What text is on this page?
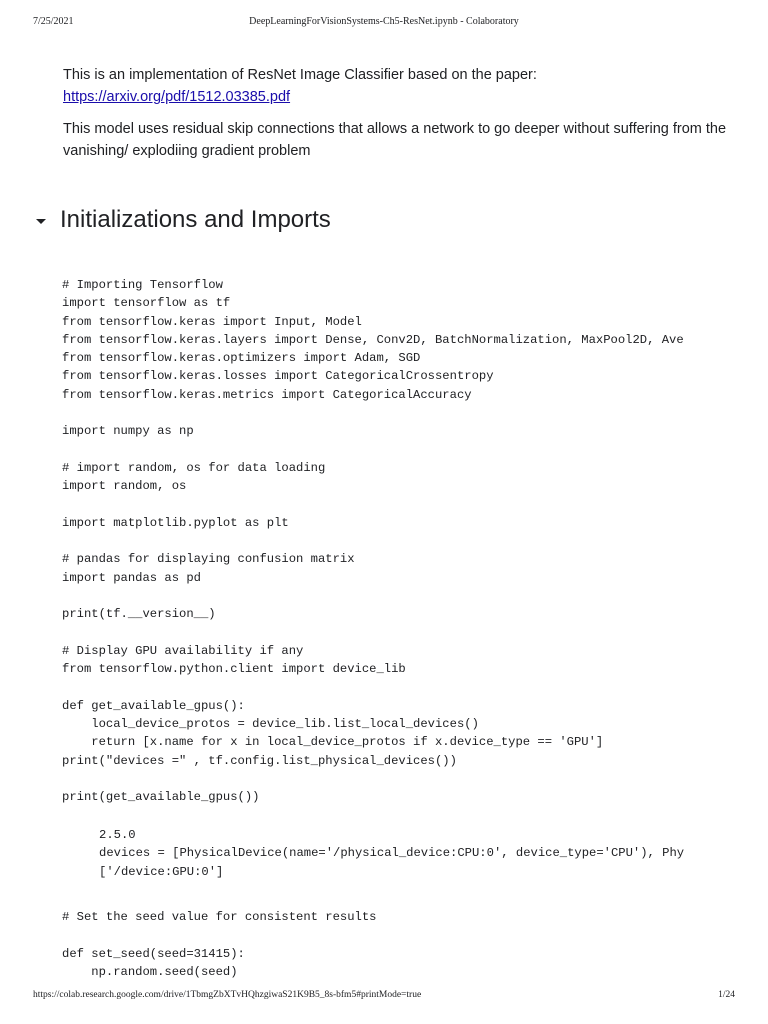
7/25/2021	DeepLearningForVisionSystems-Ch5-ResNet.ipynb - Colaboratory

This is an implementation of ResNet Image Classifier based on the paper:
https://arxiv.org/pdf/1512.03385.pdf

This model uses residual skip connections that allows a network to go deeper without suffering from the vanishing/ explodiing gradient problem

Initializations and Imports
# Importing Tensorflow
import tensorflow as tf
from tensorflow.keras import Input, Model
from tensorflow.keras.layers import Dense, Conv2D, BatchNormalization, MaxPool2D, Ave
from tensorflow.keras.optimizers import Adam, SGD
from tensorflow.keras.losses import CategoricalCrossentropy
from tensorflow.keras.metrics import CategoricalAccuracy

import numpy as np

# import random, os for data loading
import random, os

import matplotlib.pyplot as plt

# pandas for displaying confusion matrix
import pandas as pd

print(tf.__version__)

# Display GPU availability if any
from tensorflow.python.client import device_lib

def get_available_gpus():
local_device_protos = device_lib.list_local_devices()
return [x.name for x in local_device_protos if x.device_type == 'GPU']
print("devices =" , tf.config.list_physical_devices())

print(get_available_gpus())
2.5.0
devices = [PhysicalDevice(name='/physical_device:CPU:0', device_type='CPU'), Phy
['/device:GPU:0']
# Set the seed value for consistent results

def set_seed(seed=31415):
np.random.seed(seed)
https://colab.research.google.com/drive/1TbmgZbXTvHQhzgiwaS21K9B5_8s-bfm5#printMode=true	1/24
